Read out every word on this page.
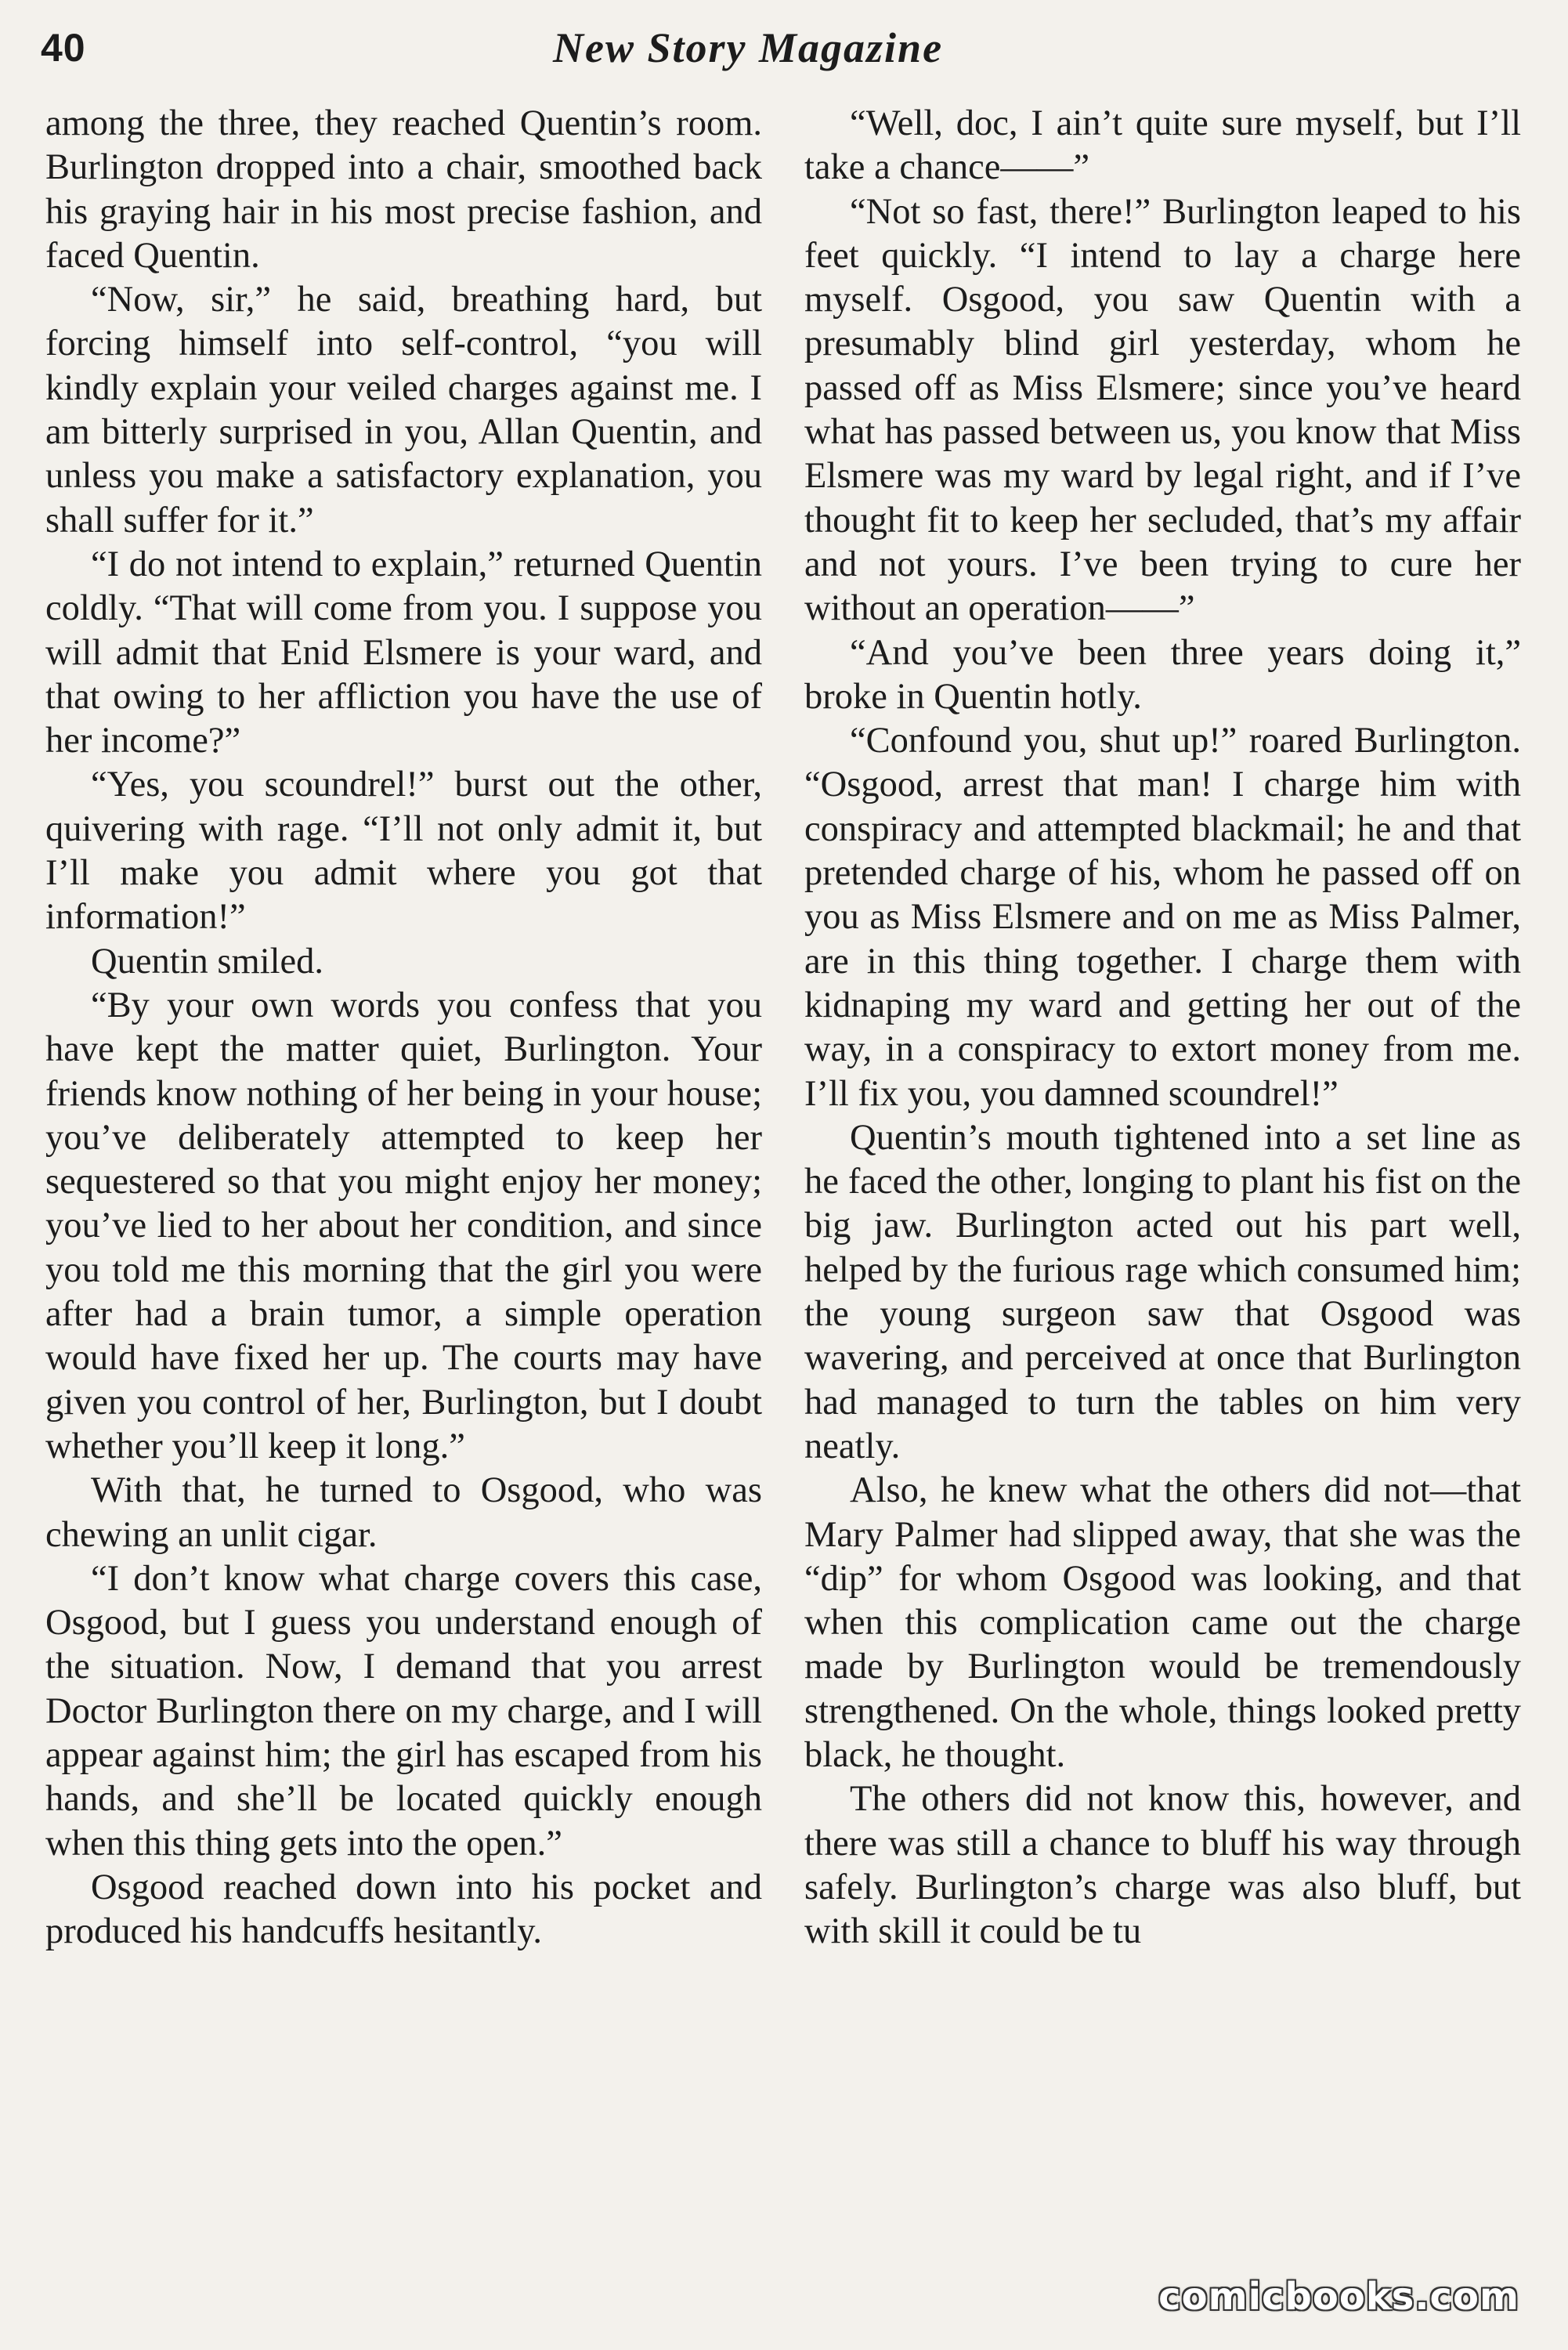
40	New Story Magazine

among the three, they reached Quentin’s room. Burlington dropped into a chair, smoothed back his graying hair in his most precise fashion, and faced Quentin.

“Now, sir,” he said, breathing hard, but forcing himself into self-control, “you will kindly explain your veiled charges against me. I am bitterly surprised in you, Allan Quentin, and unless you make a satisfactory explanation, you shall suffer for it.”

“I do not intend to explain,” returned Quentin coldly. “That will come from you. I suppose you will admit that Enid Elsmere is your ward, and that owing to her affliction you have the use of her income?”

“Yes, you scoundrel!” burst out the other, quivering with rage. “I’ll not only admit it, but I’ll make you admit where you got that information!”

Quentin smiled.

“By your own words you confess that you have kept the matter quiet, Burlington. Your friends know nothing of her being in your house; you’ve deliberately attempted to keep her sequestered so that you might enjoy her money; you’ve lied to her about her condition, and since you told me this morning that the girl you were after had a brain tumor, a simple operation would have fixed her up. The courts may have given you control of her, Burlington, but I doubt whether you’ll keep it long.”

With that, he turned to Osgood, who was chewing an unlit cigar.

“I don’t know what charge covers this case, Osgood, but I guess you understand enough of the situation. Now, I demand that you arrest Doctor Burlington there on my charge, and I will appear against him; the girl has escaped from his hands, and she’ll be located quickly enough when this thing gets into the open.”

Osgood reached down into his pocket and produced his handcuffs hesitantly.

“Well, doc, I ain’t quite sure myself, but I’ll take a chance——”

“Not so fast, there!” Burlington leaped to his feet quickly. “I intend to lay a charge here myself. Osgood, you saw Quentin with a presumably blind girl yesterday, whom he passed off as Miss Elsmere; since you’ve heard what has passed between us, you know that Miss Elsmere was my ward by legal right, and if I’ve thought fit to keep her secluded, that’s my affair and not yours. I’ve been trying to cure her without an operation——”

“And you’ve been three years doing it,” broke in Quentin hotly.

“Confound you, shut up!” roared Burlington. “Osgood, arrest that man! I charge him with conspiracy and attempted blackmail; he and that pretended charge of his, whom he passed off on you as Miss Elsmere and on me as Miss Palmer, are in this thing together. I charge them with kidnaping my ward and getting her out of the way, in a conspiracy to extort money from me. I’ll fix you, you damned scoundrel!”

Quentin’s mouth tightened into a set line as he faced the other, longing to plant his fist on the big jaw. Burlington acted out his part well, helped by the furious rage which consumed him; the young surgeon saw that Osgood was wavering, and perceived at once that Burlington had managed to turn the tables on him very neatly.

Also, he knew what the others did not—that Mary Palmer had slipped away, that she was the “dip” for whom Osgood was looking, and that when this complication came out the charge made by Burlington would be tremendously strengthened. On the whole, things looked pretty black, he thought.

The others did not know this, however, and there was still a chance to bluff his way through safely. Burlington’s charge was also bluff, but with skill it could be tu

comicbooks.com
